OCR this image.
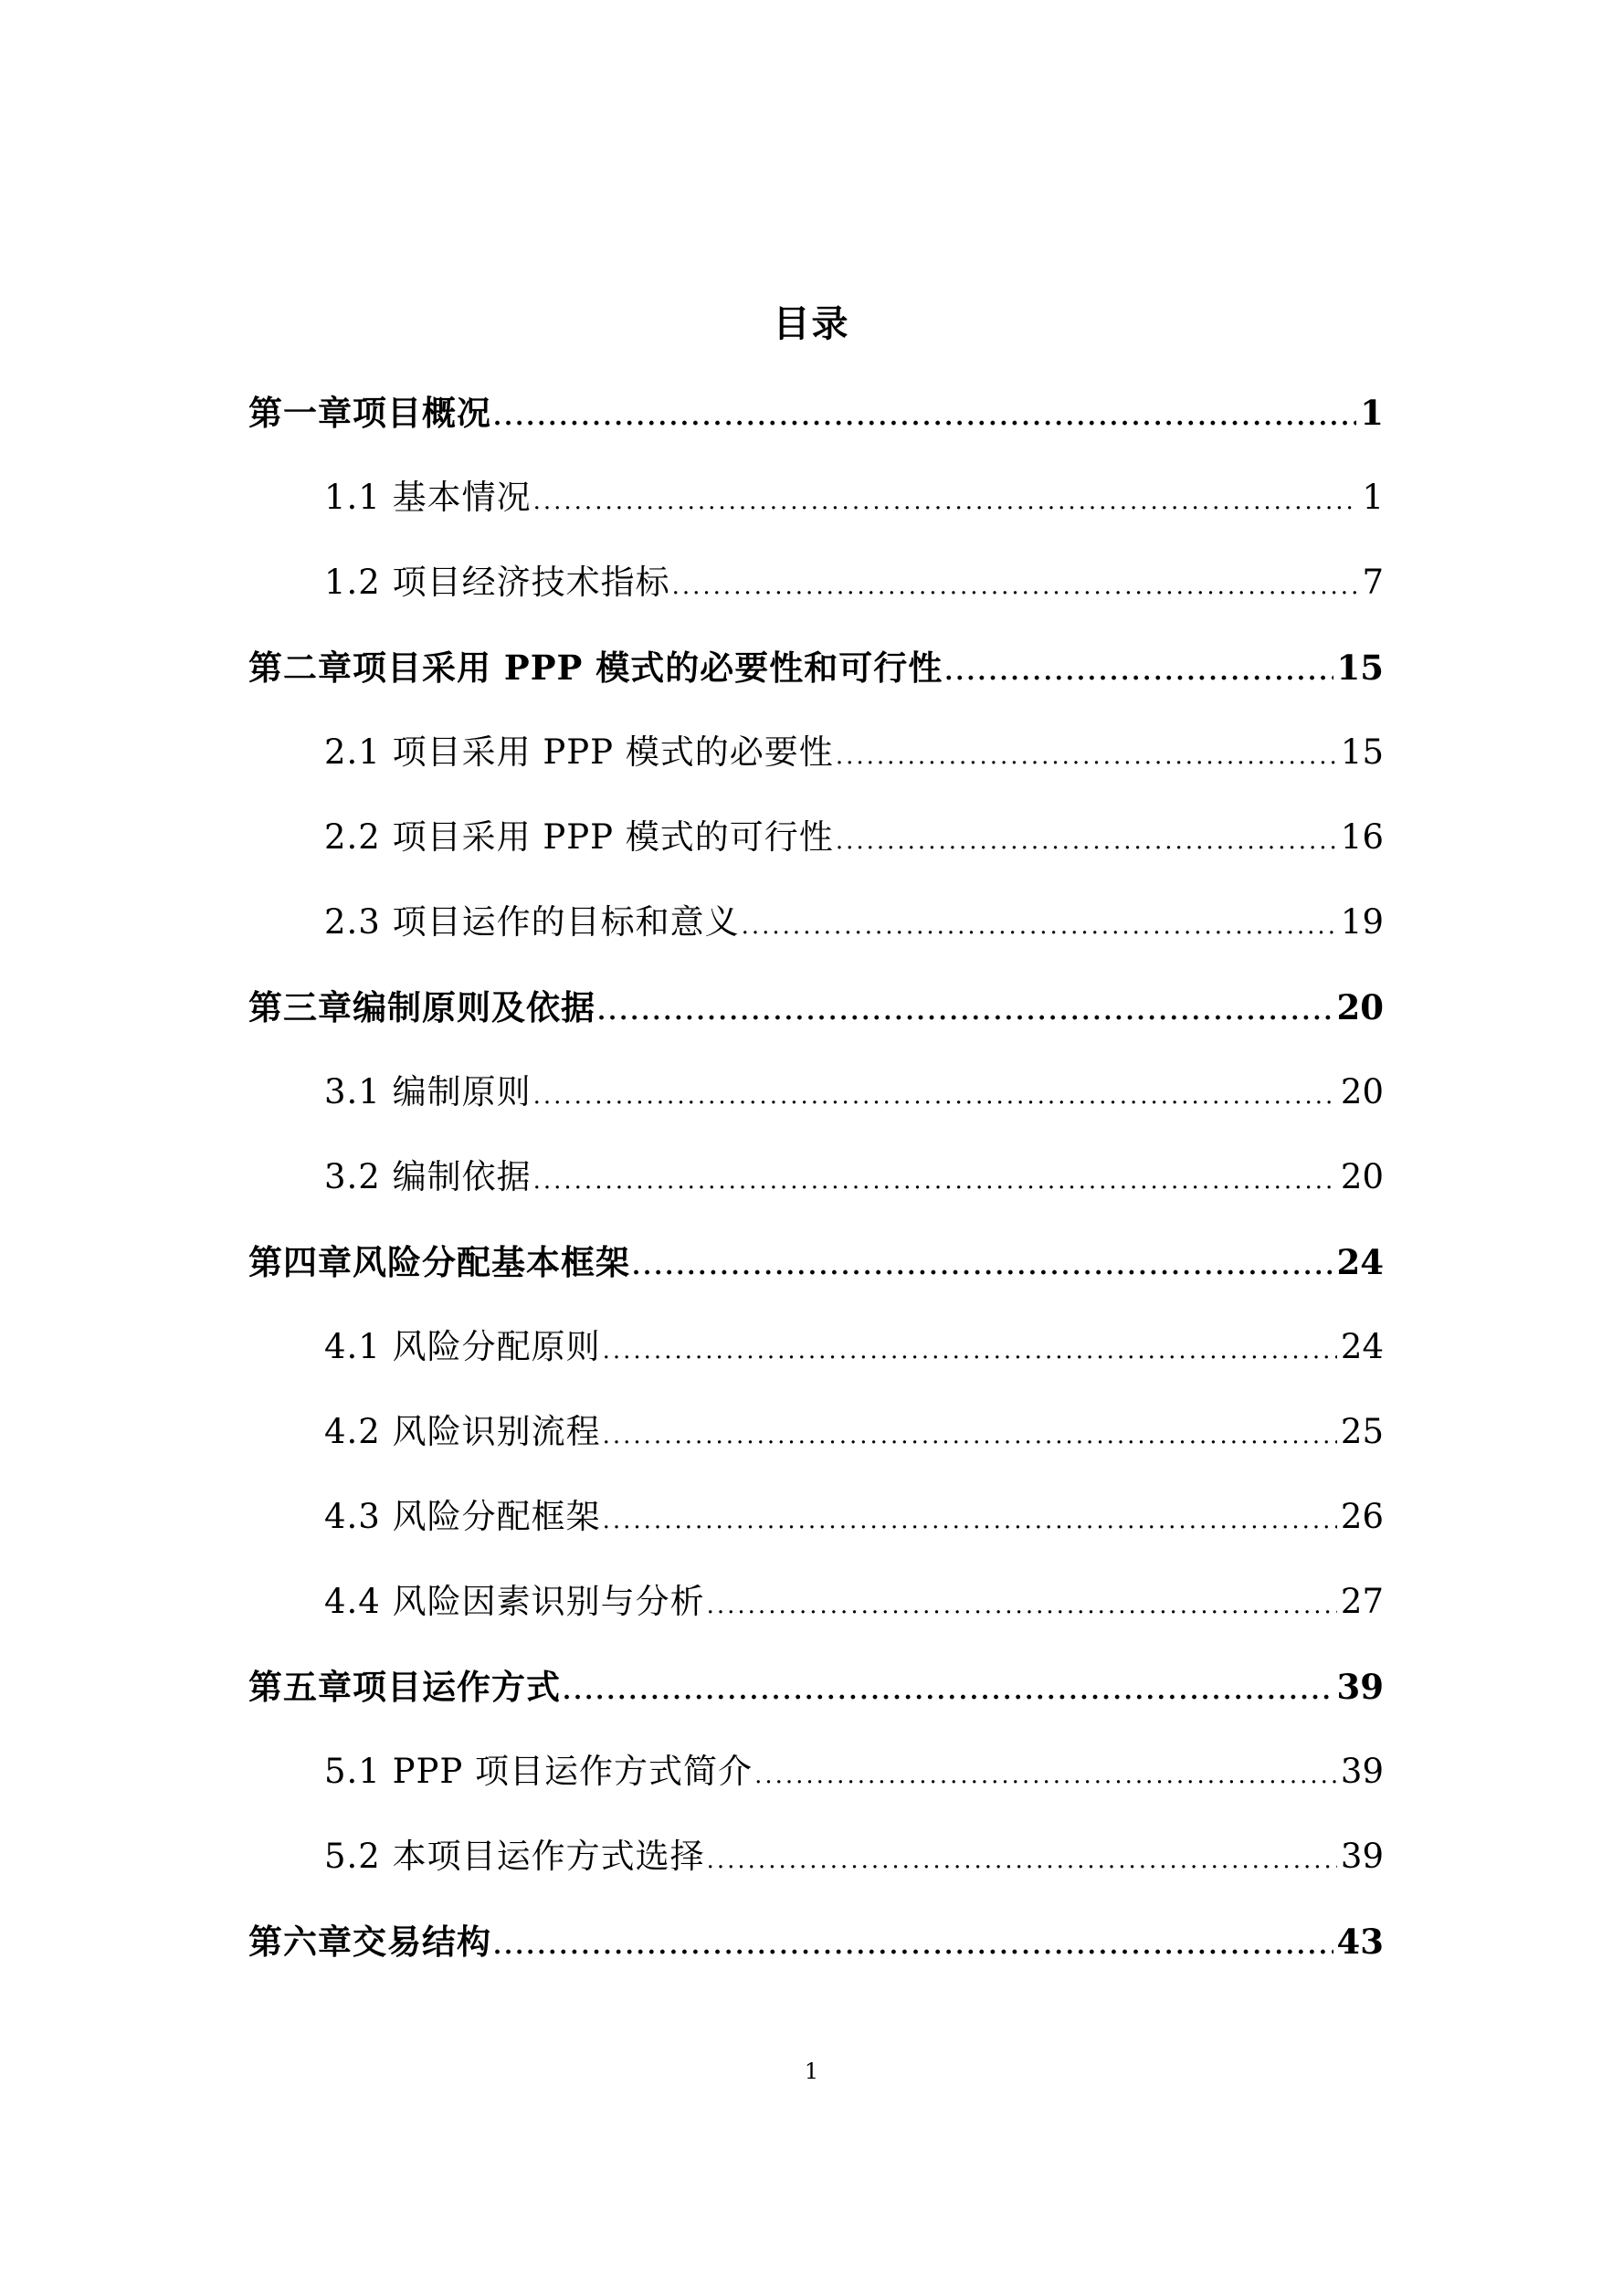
目录
第一章 项目概况 .....	1
1.1 基本情况 .....	1
1.2 项目经济技术指标 .....	7
第二章 项目采用 PPP 模式的必要性和可行性 .....	15
2.1 项目采用 PPP 模式的必要性 .....	15
2.2 项目采用 PPP 模式的可行性 .....	16
2.3 项目运作的目标和意义 .....	19
第三章 编制原则及依据 .....	20
3.1 编制原则 .....	20
3.2 编制依据 .....	20
第四章 风险分配基本框架 .....	24
4.1 风险分配原则 .....	24
4.2 风险识别流程 .....	25
4.3 风险分配框架 .....	26
4.4 风险因素识别与分析 .....	27
第五章 项目运作方式 .....	39
5.1 PPP 项目运作方式简介 .....	39
5.2 本项目运作方式选择 .....	39
第六章 交易结构 .....	43
1
